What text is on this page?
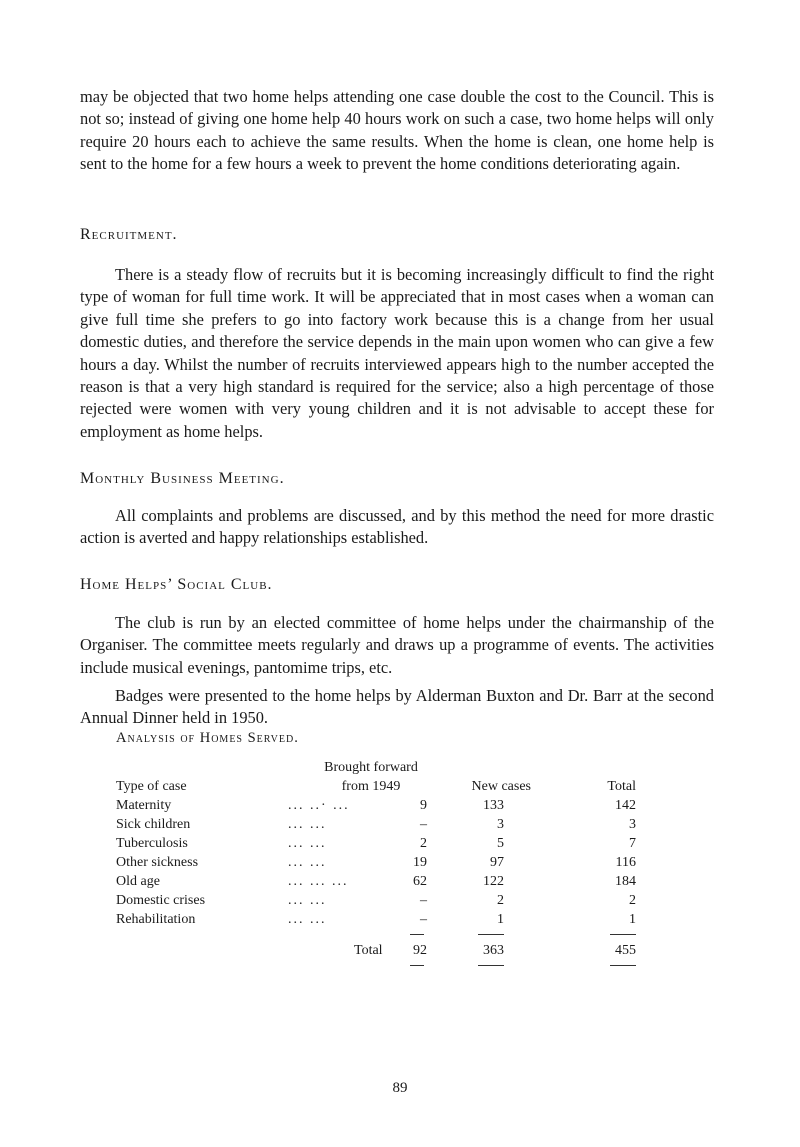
may be objected that two home helps attending one case double the cost to the Council. This is not so; instead of giving one home help 40 hours work on such a case, two home helps will only require 20 hours each to achieve the same results. When the home is clean, one home help is sent to the home for a few hours a week to prevent the home conditions deteriorating again.

Recruitment.

There is a steady flow of recruits but it is becoming increasingly difficult to find the right type of woman for full time work. It will be appreciated that in most cases when a woman can give full time she prefers to go into factory work because this is a change from her usual domestic duties, and therefore the service depends in the main upon women who can give a few hours a day. Whilst the number of recruits interviewed appears high to the number accepted the reason is that a very high standard is required for the service; also a high percentage of those rejected were women with very young children and it is not advisable to accept these for employment as home helps.

Monthly Business Meeting.

All complaints and problems are discussed, and by this method the need for more drastic action is averted and happy relationships established.

Home Helps’ Social Club.

The club is run by an elected committee of home helps under the chairmanship of the Organiser. The committee meets regularly and draws up a programme of events. The activities include musical evenings, pantomime trips, etc.

Badges were presented to the home helps by Alderman Buxton and Dr. Barr at the second Annual Dinner held in 1950.

Analysis of Homes Served.
Brought forward
from 1949
Type of case	New cases	Total
Maternity	... ..· ...	9	133	142
Sick children	... ...	–	3	3
Tuberculosis	... ...	2	5	7
Other sickness	... ...	19	97	116
Old age	... ... ...	62	122	184
Domestic crises	... ...	–	2	2
Rehabilitation	... ...	–	1	1
Total 92	363	455

89
